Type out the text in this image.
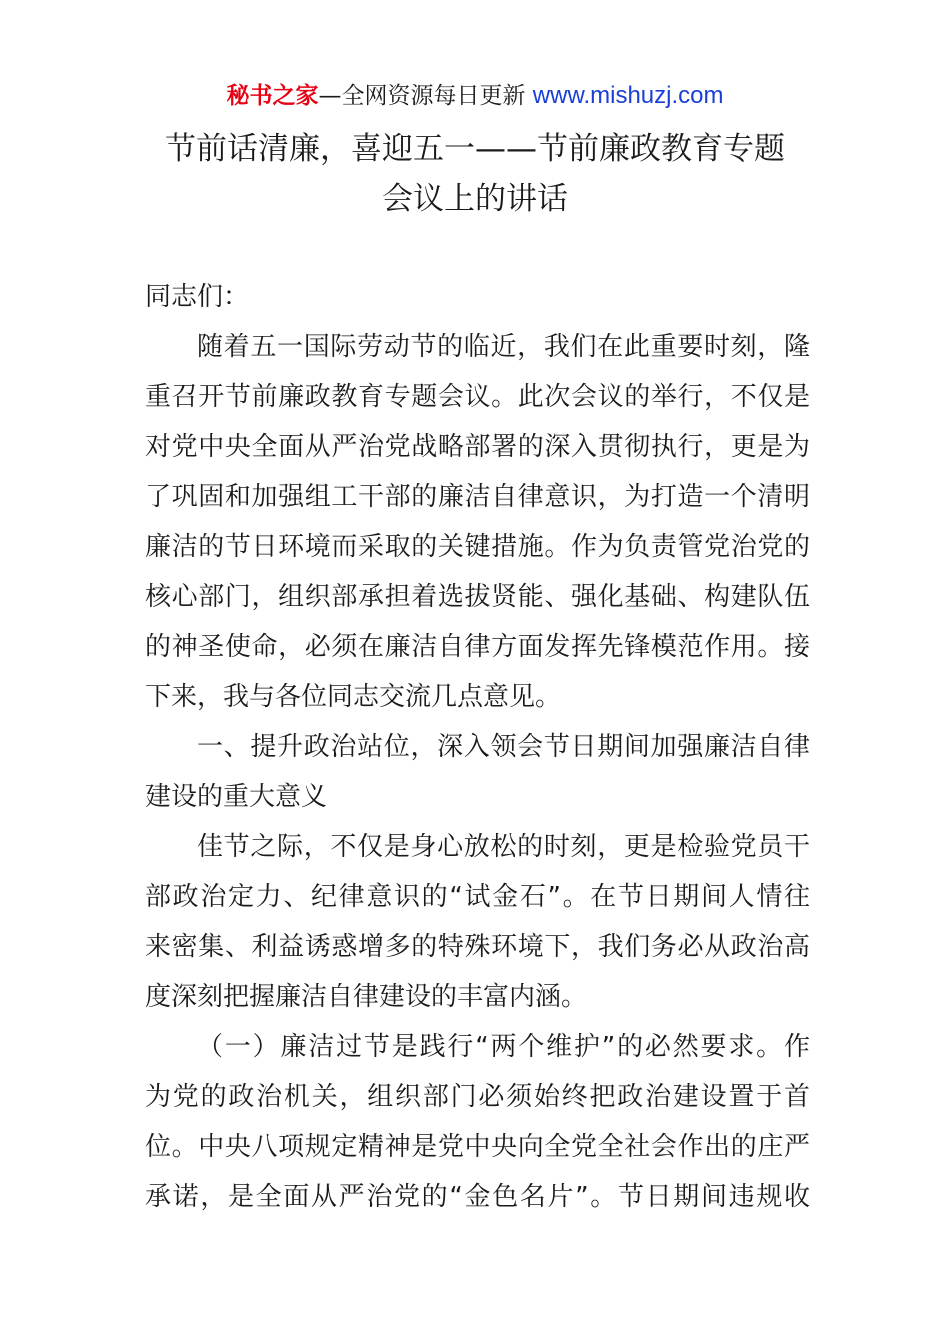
秘书之家—全网资源每日更新 www.mishuzj.com
节前话清廉，喜迎五一——节前廉政教育专题
会议上的讲话
同志们：
随着五一国际劳动节的临近，我们在此重要时刻，隆
重召开节前廉政教育专题会议。此次会议的举行，不仅是
对党中央全面从严治党战略部署的深入贯彻执行，更是为
了巩固和加强组工干部的廉洁自律意识，为打造一个清明
廉洁的节日环境而采取的关键措施。作为负责管党治党的
核心部门，组织部承担着选拔贤能、强化基础、构建队伍
的神圣使命，必须在廉洁自律方面发挥先锋模范作用。接
下来，我与各位同志交流几点意见。
一、提升政治站位，深入领会节日期间加强廉洁自律
建设的重大意义
佳节之际，不仅是身心放松的时刻，更是检验党员干
部政治定力、纪律意识的“试金石”。在节日期间人情往
来密集、利益诱惑增多的特殊环境下，我们务必从政治高
度深刻把握廉洁自律建设的丰富内涵。
（一）廉洁过节是践行“两个维护”的必然要求。作
为党的政治机关，组织部门必须始终把政治建设置于首
位。中央八项规定精神是党中央向全党全社会作出的庄严
承诺，是全面从严治党的“金色名片”。节日期间违规收
